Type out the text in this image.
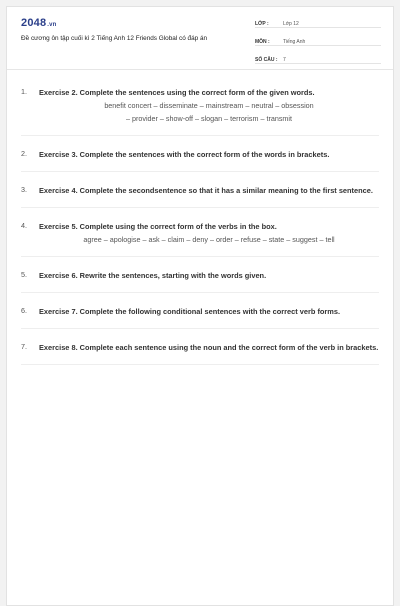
2048.vn
Đề cương ôn tập cuối kì 2 Tiếng Anh 12 Friends Global có đáp án
LỚP :	Lớp 12
MÔN :	Tiếng Anh
SỐ CÂU :	7
1.	Exercise 2. Complete the sentences using the correct form of the given words.
benefit concert – disseminate – mainstream – neutral – obsession
– provider – show-off – slogan – terrorism – transmit
2.	Exercise 3. Complete the sentences with the correct form of the words in brackets.
3.	Exercise 4. Complete the secondsentence so that it has a similar meaning to the first sentence.
4.	Exercise 5. Complete using the correct form of the verbs in the box.
agree – apologise – ask – claim – deny – order – refuse – state – suggest – tell
5.	Exercise 6. Rewrite the sentences, starting with the words given.
6.	Exercise 7. Complete the following conditional sentences with the correct verb forms.
7.	Exercise 8. Complete each sentence using the noun and the correct form of the verb in brackets.
